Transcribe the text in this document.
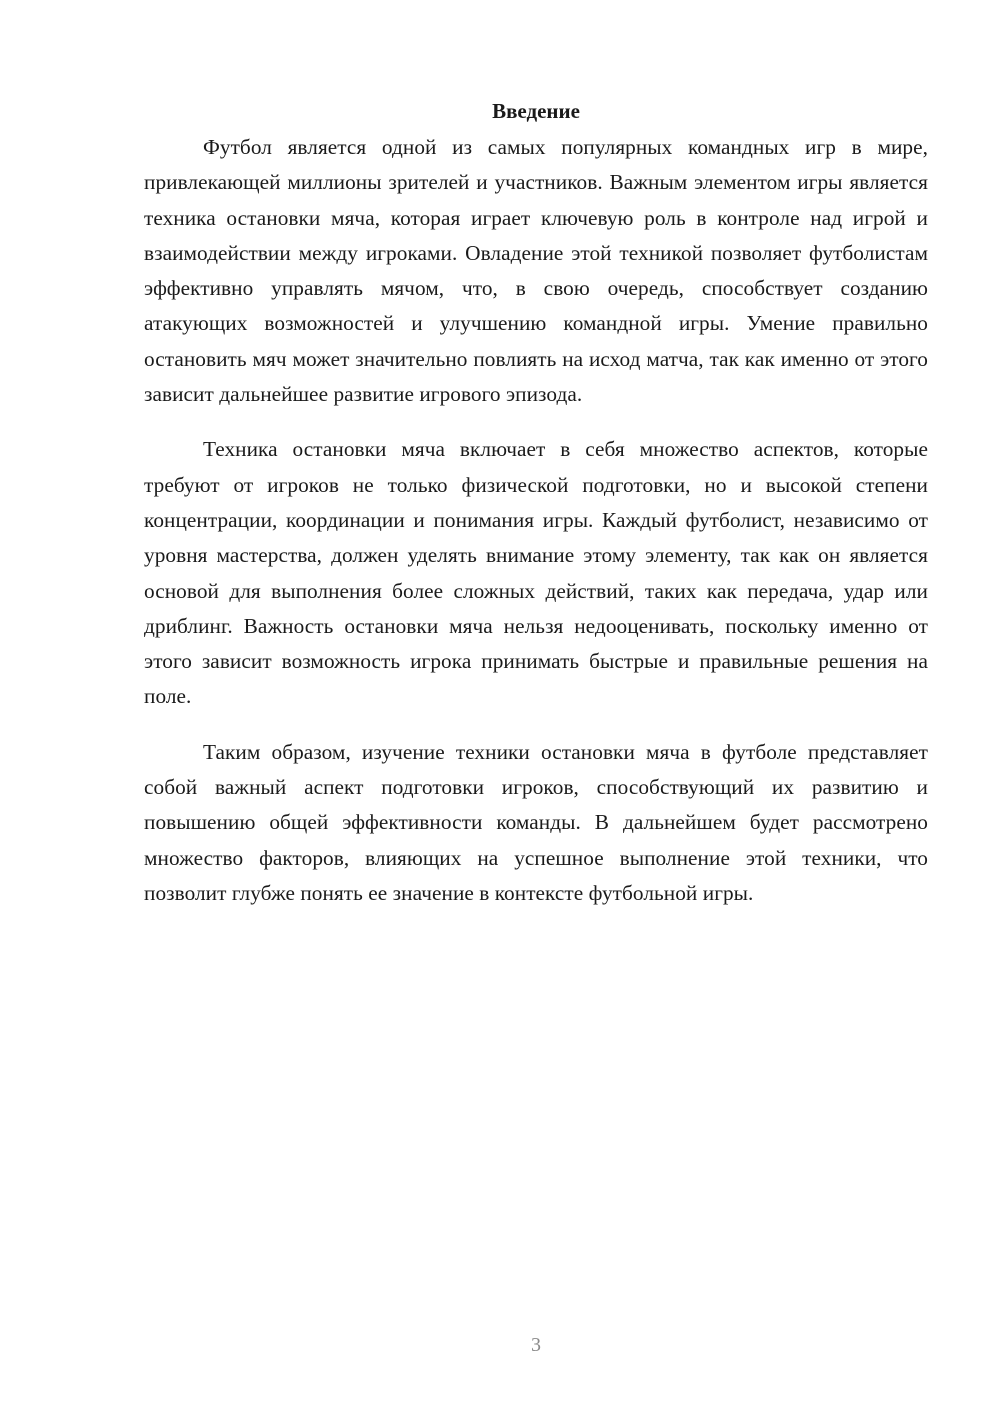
Введение

Футбол является одной из самых популярных командных игр в мире, привлекающей миллионы зрителей и участников. Важным элементом игры является техника остановки мяча, которая играет ключевую роль в контроле над игрой и взаимодействии между игроками. Овладение этой техникой позволяет футболистам эффективно управлять мячом, что, в свою очередь, способствует созданию атакующих возможностей и улучшению командной игры. Умение правильно остановить мяч может значительно повлиять на исход матча, так как именно от этого зависит дальнейшее развитие игрового эпизода.

Техника остановки мяча включает в себя множество аспектов, которые требуют от игроков не только физической подготовки, но и высокой степени концентрации, координации и понимания игры. Каждый футболист, независимо от уровня мастерства, должен уделять внимание этому элементу, так как он является основой для выполнения более сложных действий, таких как передача, удар или дриблинг. Важность остановки мяча нельзя недооценивать, поскольку именно от этого зависит возможность игрока принимать быстрые и правильные решения на поле.

Таким образом, изучение техники остановки мяча в футболе представляет собой важный аспект подготовки игроков, способствующий их развитию и повышению общей эффективности команды. В дальнейшем будет рассмотрено множество факторов, влияющих на успешное выполнение этой техники, что позволит глубже понять ее значение в контексте футбольной игры.

3
